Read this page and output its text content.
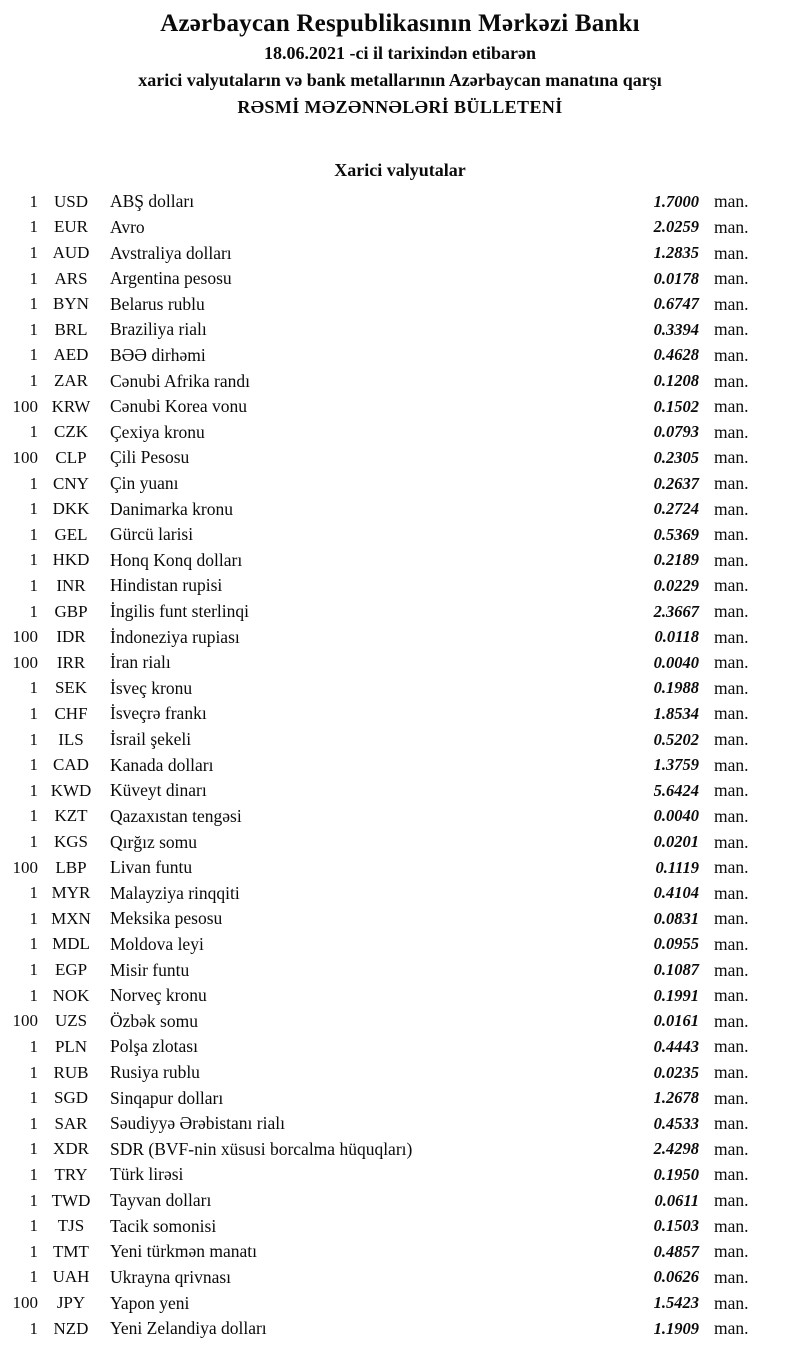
Azərbaycan Respublikasının Mərkəzi Bankı
18.06.2021 -ci il tarixindən etibarən
xarici valyutaların və bank metallarının Azərbaycan manatına qarşı
RƏSMİ MƏZƏNNƏLƏRİ BÜLLETENİ
Xarici valyutalar
1 USD	ABŞ dolları	1.7000 man.
1 EUR	Avro	2.0259 man.
1 AUD	Avstraliya dolları	1.2835 man.
1 ARS	Argentina pesosu	0.0178 man.
1 BYN	Belarus rublu	0.6747 man.
1 BRL	Braziliya rialı	0.3394 man.
1 AED	BƏƏ dirhəmi	0.4628 man.
1 ZAR	Cənubi Afrika randı	0.1208 man.
100 KRW	Cənubi Korea vonu	0.1502 man.
1 CZK	Çexiya kronu	0.0793 man.
100	CLP	Çili Pesosu	0.2305 man.
1 CNY	Çin yuanı	0.2637 man.
1 DKK	Danimarka kronu	0.2724 man.
1 GEL	Gürcü larisi	0.5369 man.
1 HKD	Honq Konq dolları	0.2189 man.
1	INR	Hindistan rupisi	0.0229 man.
1 GBP	İngilis funt sterlinqi	2.3667 man.
100	IDR	İndoneziya rupiası	0.0118 man.
100	IRR	İran rialı	0.0040 man.
1 SEK	İsveç kronu	0.1988 man.
1 CHF	İsveçrə frankı	1.8534 man.
1	ILS	İsrail şekeli	0.5202 man.
1 CAD	Kanada dolları	1.3759 man.
1 KWD	Küveyt dinarı	5.6424 man.
1 KZT	Qazaxıstan tengəsi	0.0040 man.
1 KGS	Qırğız somu	0.0201 man.
100	LBP	Livan funtu	0.1119 man.
1 MYR	Malayziya rinqqiti	0.4104 man.
1 MXN	Meksika pesosu	0.0831 man.
1 MDL	Moldova leyi	0.0955 man.
1 EGP	Misir funtu	0.1087 man.
1 NOK	Norveç kronu	0.1991 man.
100 UZS	Özbək somu	0.0161 man.
1 PLN	Polşa zlotası	0.4443 man.
1 RUB	Rusiya rublu	0.0235 man.
1 SGD	Sinqapur dolları	1.2678 man.
1 SAR	Səudiyyə Ərəbistanı rialı	0.4533 man.
1 XDR	SDR (BVF-nin xüsusi borcalma hüquqları)	2.4298 man.
1 TRY	Türk lirəsi	0.1950 man.
1 TWD	Tayvan dolları	0.0611 man.
1	TJS	Tacik somonisi	0.1503 man.
1 TMT	Yeni türkmən manatı	0.4857 man.
1 UAH	Ukrayna qrivnası	0.0626 man.
100	JPY	Yapon yeni	1.5423 man.
1 NZD	Yeni Zelandiya dolları	1.1909 man.
